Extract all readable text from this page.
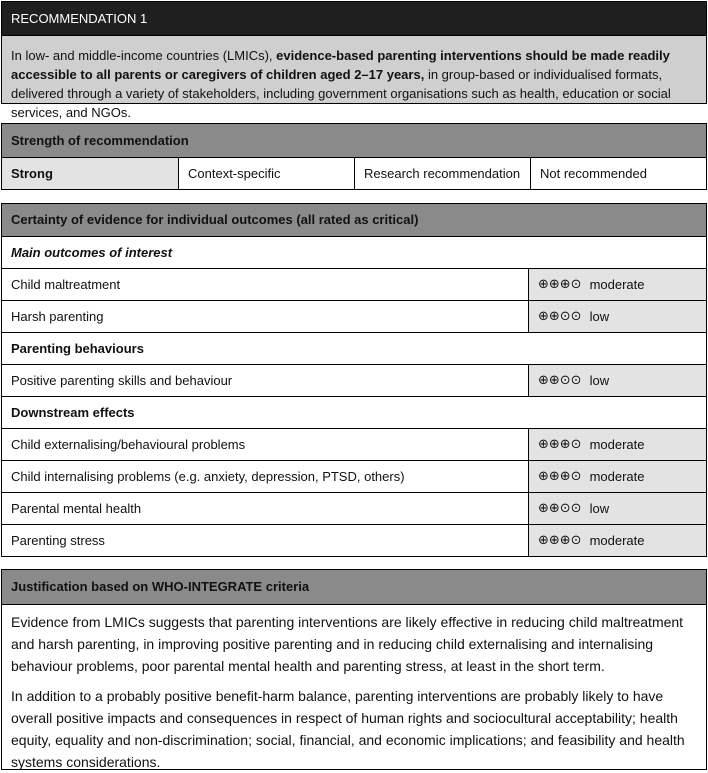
RECOMMENDATION 1
In low- and middle-income countries (LMICs), evidence-based parenting interventions should be made readily accessible to all parents or caregivers of children aged 2–17 years, in group-based or individualised formats, delivered through a variety of stakeholders, including government organisations such as health, education or social services, and NGOs.
Strength of recommendation
Strong	Context-specific	Research recommendation	Not recommended
Certainty of evidence for individual outcomes (all rated as critical)
Main outcomes of interest
Child maltreatment	⊕⊕⊕⊙ moderate
Harsh parenting	⊕⊕⊙⊙ low
Parenting behaviours
Positive parenting skills and behaviour	⊕⊕⊙⊙ low
Downstream effects
Child externalising/behavioural problems	⊕⊕⊕⊙ moderate
Child internalising problems (e.g. anxiety, depression, PTSD, others)	⊕⊕⊕⊙ moderate
Parental mental health	⊕⊕⊙⊙ low
Parenting stress	⊕⊕⊕⊙ moderate
Justification based on WHO-INTEGRATE criteria

Evidence from LMICs suggests that parenting interventions are likely effective in reducing child maltreatment and harsh parenting, in improving positive parenting and in reducing child externalising and internalising behaviour problems, poor parental mental health and parenting stress, at least in the short term.

In addition to a probably positive benefit-harm balance, parenting interventions are probably likely to have overall positive impacts and consequences in respect of human rights and sociocultural acceptability; health equity, equality and non-discrimination; social, financial, and economic implications; and feasibility and health systems considerations.
